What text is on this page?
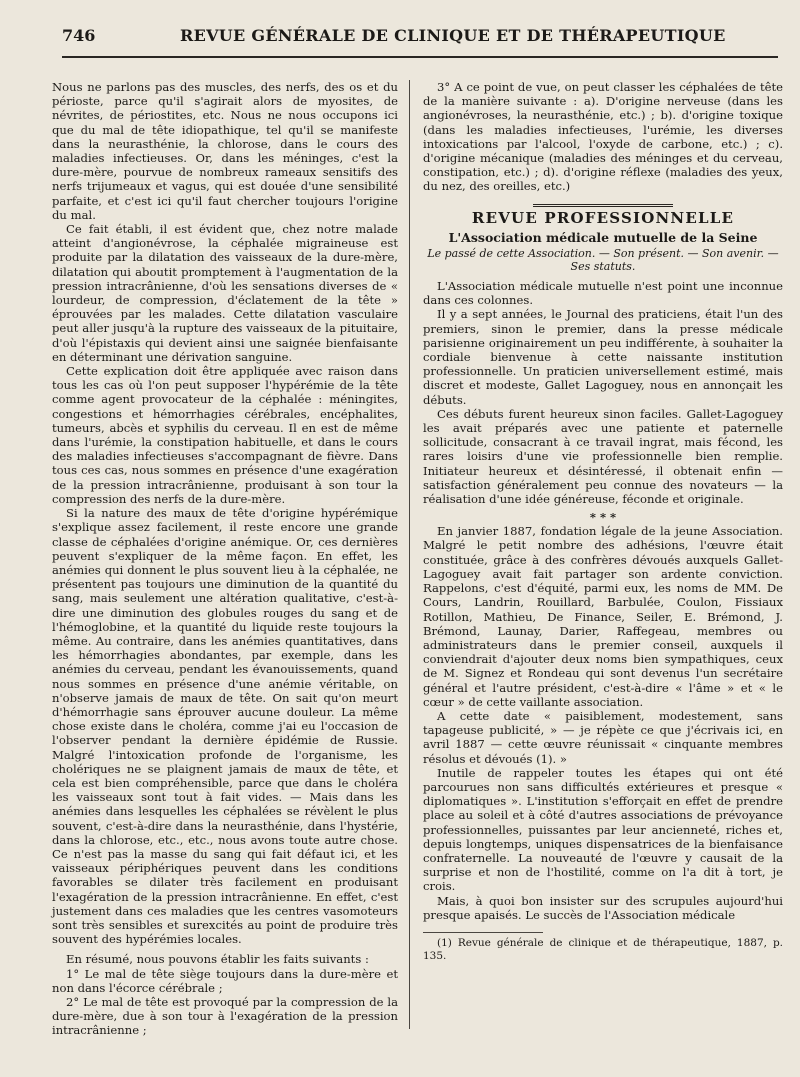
746	REVUE GÉNÉRALE DE CLINIQUE ET DE THÉRAPEUTIQUE

Nous ne parlons pas des muscles, des nerfs, des os et du périoste, parce qu'il s'agirait alors de myosites, de névrites, de périostites, etc. Nous ne nous occupons ici que du mal de tête idiopathique, tel qu'il se manifeste dans la neurasthénie, la chlorose, dans le cours des maladies infectieuses. Or, dans les méninges, c'est la dure-mère, pourvue de nombreux rameaux sensitifs des nerfs trijumeaux et vagus, qui est douée d'une sensibilité parfaite, et c'est ici qu'il faut chercher toujours l'origine du mal.

Ce fait établi, il est évident que, chez notre malade atteint d'angionévrose, la céphalée migraineuse est produite par la dilatation des vaisseaux de la dure-mère, dilatation qui aboutit promptement à l'augmentation de la pression intracrânienne, d'où les sensations diverses de « lourdeur, de compression, d'éclatement de la tête » éprouvées par les malades. Cette dilatation vasculaire peut aller jusqu'à la rupture des vaisseaux de la pituitaire, d'où l'épistaxis qui devient ainsi une saignée bienfaisante en déterminant une dérivation sanguine.

Cette explication doit être appliquée avec raison dans tous les cas où l'on peut supposer l'hypérémie de la tête comme agent provocateur de la céphalée : méningites, congestions et hémorrhagies cérébrales, encéphalites, tumeurs, abcès et syphilis du cerveau. Il en est de même dans l'urémie, la constipation habituelle, et dans le cours des maladies infectieuses s'accompagnant de fièvre. Dans tous ces cas, nous sommes en présence d'une exagération de la pression intracrânienne, produisant à son tour la compression des nerfs de la dure-mère.

Si la nature des maux de tête d'origine hypérémique s'explique assez facilement, il reste encore une grande classe de céphalées d'origine anémique. Or, ces dernières peuvent s'expliquer de la même façon. En effet, les anémies qui donnent le plus souvent lieu à la céphalée, ne présentent pas toujours une diminution de la quantité du sang, mais seulement une altération qualitative, c'est-à-dire une diminution des globules rouges du sang et de l'hémoglobine, et la quantité du liquide reste toujours la même. Au contraire, dans les anémies quantitatives, dans les hémorrhagies abondantes, par exemple, dans les anémies du cerveau, pendant les évanouissements, quand nous sommes en présence d'une anémie véritable, on n'observe jamais de maux de tête. On sait qu'on meurt d'hémorrhagie sans éprouver aucune douleur. La même chose existe dans le choléra, comme j'ai eu l'occasion de l'observer pendant la dernière épidémie de Russie. Malgré l'intoxication profonde de l'organisme, les cholériques ne se plaignent jamais de maux de tête, et cela est bien compréhensible, parce que dans le choléra les vaisseaux sont tout à fait vides. — Mais dans les anémies dans lesquelles les céphalées se révèlent le plus souvent, c'est-à-dire dans la neurasthénie, dans l'hystérie, dans la chlorose, etc., etc., nous avons toute autre chose. Ce n'est pas la masse du sang qui fait défaut ici, et les vaisseaux périphériques peuvent dans les conditions favorables se dilater très facilement en produisant l'exagération de la pression intracrânienne. En effet, c'est justement dans ces maladies que les centres vasomoteurs sont très sensibles et surexcités au point de produire très souvent des hypérémies locales.

En résumé, nous pouvons établir les faits suivants :

1° Le mal de tête siège toujours dans la dure-mère et non dans l'écorce cérébrale ;

2° Le mal de tête est provoqué par la compression de la dure-mère, due à son tour à l'exagération de la pression intracrânienne ;

3° A ce point de vue, on peut classer les céphalées de tête de la manière suivante : a). D'origine nerveuse (dans les angionévroses, la neurasthénie, etc.) ; b). d'origine toxique (dans les maladies infectieuses, l'urémie, les diverses intoxications par l'alcool, l'oxyde de carbone, etc.) ; c). d'origine mécanique (maladies des méninges et du cerveau, constipation, etc.) ; d). d'origine réflexe (maladies des yeux, du nez, des oreilles, etc.)

REVUE PROFESSIONNELLE
L'Association médicale mutuelle de la Seine
Le passé de cette Association. — Son présent. — Son avenir. — Ses statuts.

L'Association médicale mutuelle n'est point une inconnue dans ces colonnes.

Il y a sept années, le Journal des praticiens, était l'un des premiers, sinon le premier, dans la presse médicale parisienne originairement un peu indifférente, à souhaiter la cordiale bienvenue à cette naissante institution professionnelle. Un praticien universellement estimé, mais discret et modeste, Gallet Lagoguey, nous en annonçait les débuts.

Ces débuts furent heureux sinon faciles. Gallet-Lagoguey les avait préparés avec une patiente et paternelle sollicitude, consacrant à ce travail ingrat, mais fécond, les rares loisirs d'une vie professionnelle bien remplie. Initiateur heureux et désintéressé, il obtenait enfin — satisfaction généralement peu connue des novateurs — la réalisation d'une idée généreuse, féconde et originale.

* * *

En janvier 1887, fondation légale de la jeune Association. Malgré le petit nombre des adhésions, l'œuvre était constituée, grâce à des confrères dévoués auxquels Gallet-Lagoguey avait fait partager son ardente conviction. Rappelons, c'est d'équité, parmi eux, les noms de MM. De Cours, Landrin, Rouillard, Barbulée, Coulon, Fissiaux Rotillon, Mathieu, De Finance, Seiler, E. Brémond, J. Brémond, Launay, Darier, Raffegeau, membres ou administrateurs dans le premier conseil, auxquels il conviendrait d'ajouter deux noms bien sympathiques, ceux de M. Signez et Rondeau qui sont devenus l'un secrétaire général et l'autre président, c'est-à-dire « l'âme » et « le cœur » de cette vaillante association.

A cette date « paisiblement, modestement, sans tapageuse publicité, » — je répète ce que j'écrivais ici, en avril 1887 — cette œuvre réunissait « cinquante membres résolus et dévoués (1). »

Inutile de rappeler toutes les étapes qui ont été parcourues non sans difficultés extérieures et presque « diplomatiques ». L'institution s'efforçait en effet de prendre place au soleil et à côté d'autres associations de prévoyance professionnelles, puissantes par leur ancienneté, riches et, depuis longtemps, uniques dispensatrices de la bienfaisance confraternelle. La nouveauté de l'œuvre y causait de la surprise et non de l'hostilité, comme on l'a dit à tort, je crois.

Mais, à quoi bon insister sur des scrupules aujourd'hui presque apaisés. Le succès de l'Association médicale

(1) Revue générale de clinique et de thérapeutique, 1887, p. 135.
